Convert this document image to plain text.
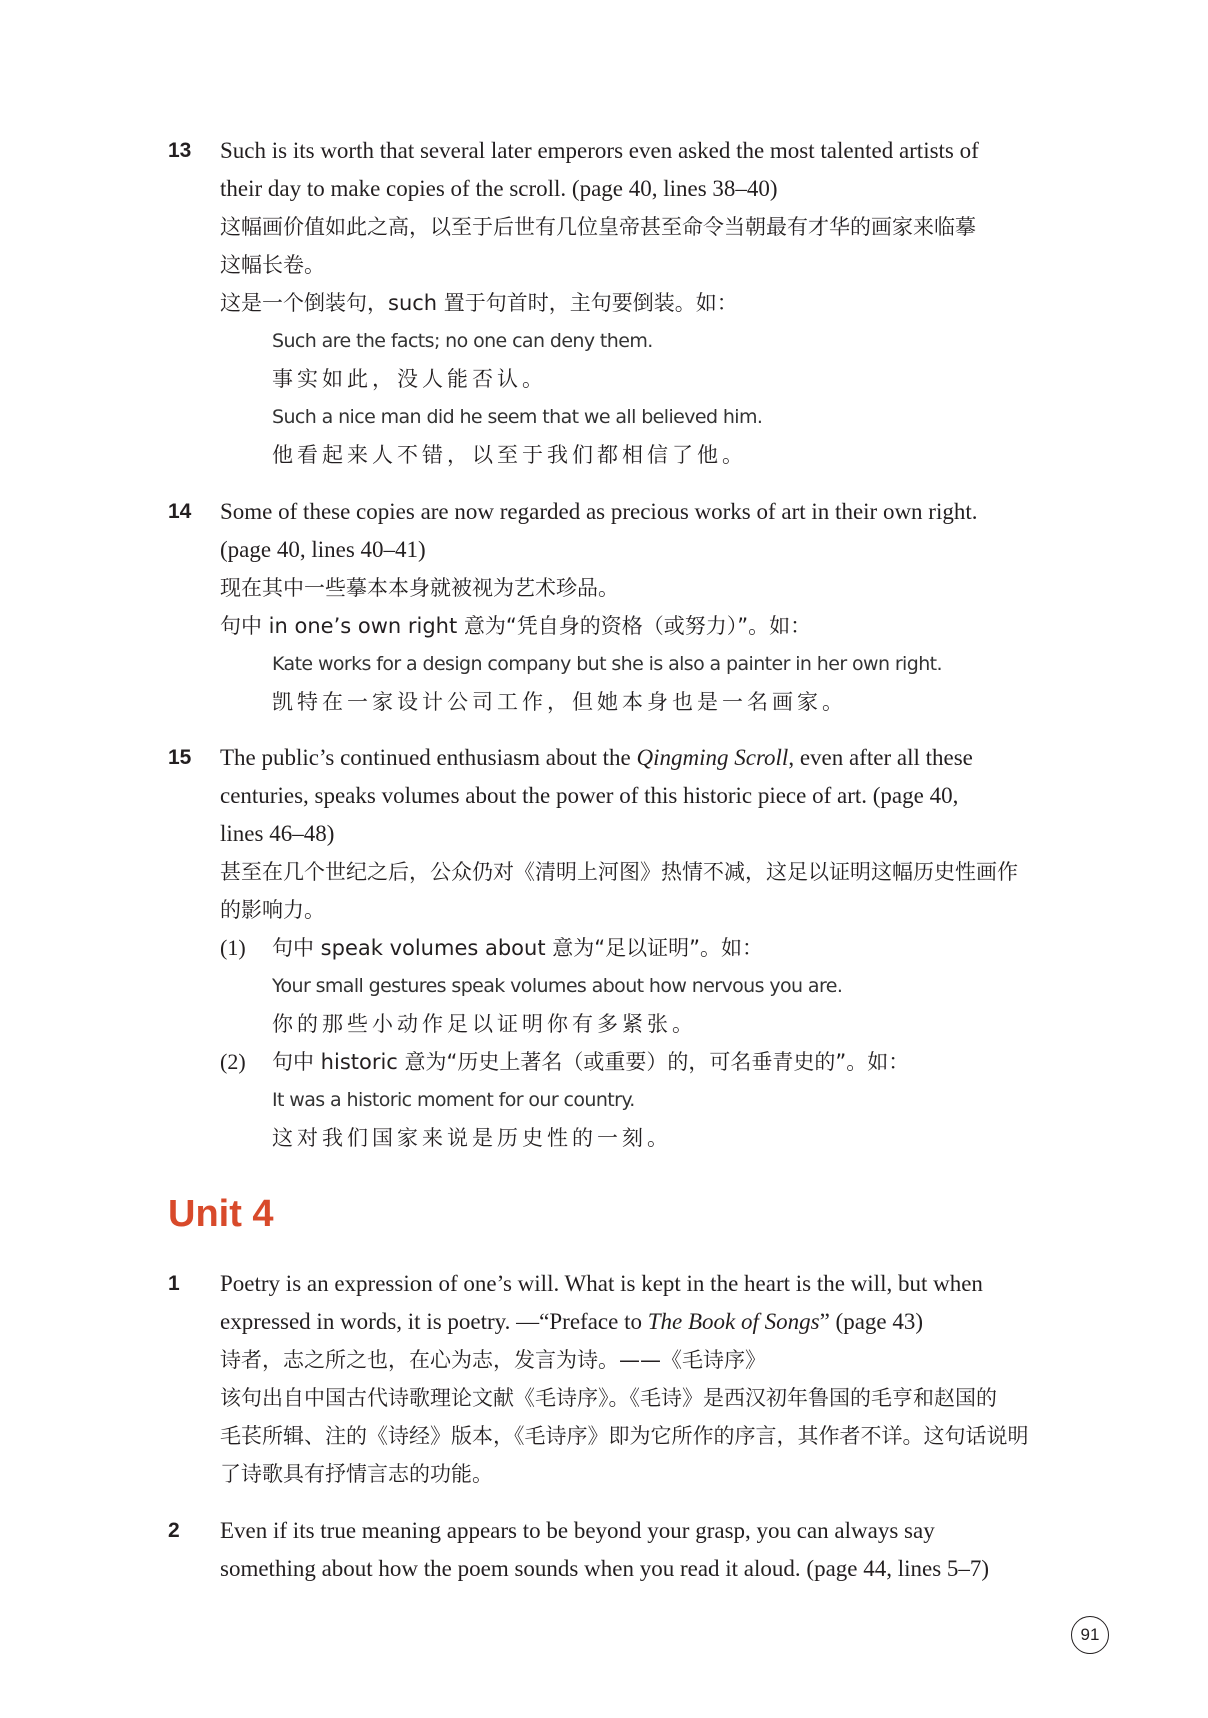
13	Such is its worth that several later emperors even asked the most talented artists of
their day to make copies of the scroll. (page 40, lines 38–40)
这幅画价值如此之高，以至于后世有几位皇帝甚至命令当朝最有才华的画家来临摹
这幅长卷。
这是一个倒装句，such 置于句首时，主句要倒装。如：
Such are the facts; no one can deny them.
事实如此，没人能否认。
Such a nice man did he seem that we all believed him.
他看起来人不错，以至于我们都相信了他。
14	Some of these copies are now regarded as precious works of art in their own right.
(page 40, lines 40–41)
现在其中一些摹本本身就被视为艺术珍品。
句中 in one’s own right 意为“凭自身的资格（或努力）”。如：
Kate works for a design company but she is also a painter in her own right.
凯特在一家设计公司工作，但她本身也是一名画家。
15	The public’s continued enthusiasm about the Qingming Scroll, even after all these
centuries, speaks volumes about the power of this historic piece of art. (page 40,
lines 46–48)
甚至在几个世纪之后，公众仍对《清明上河图》热情不减，这足以证明这幅历史性画作
的影响力。
(1) 句中 speak volumes about 意为“足以证明”。如：
Your small gestures speak volumes about how nervous you are.
你的那些小动作足以证明你有多紧张。
(2) 句中 historic 意为“历史上著名（或重要）的，可名垂青史的”。如：
It was a historic moment for our country.
这对我们国家来说是历史性的一刻。
Unit 4
1	Poetry is an expression of one’s will. What is kept in the heart is the will, but when
expressed in words, it is poetry. —“Preface to The Book of Songs” (page 43)
诗者，志之所之也，在心为志，发言为诗。——《毛诗序》
该句出自中国古代诗歌理论文献《毛诗序》。《毛诗》是西汉初年鲁国的毛亨和赵国的
毛苌所辑、注的《诗经》版本，《毛诗序》即为它所作的序言，其作者不详。这句话说明
了诗歌具有抒情言志的功能。
2	Even if its true meaning appears to be beyond your grasp, you can always say
something about how the poem sounds when you read it aloud. (page 44, lines 5–7)
91
